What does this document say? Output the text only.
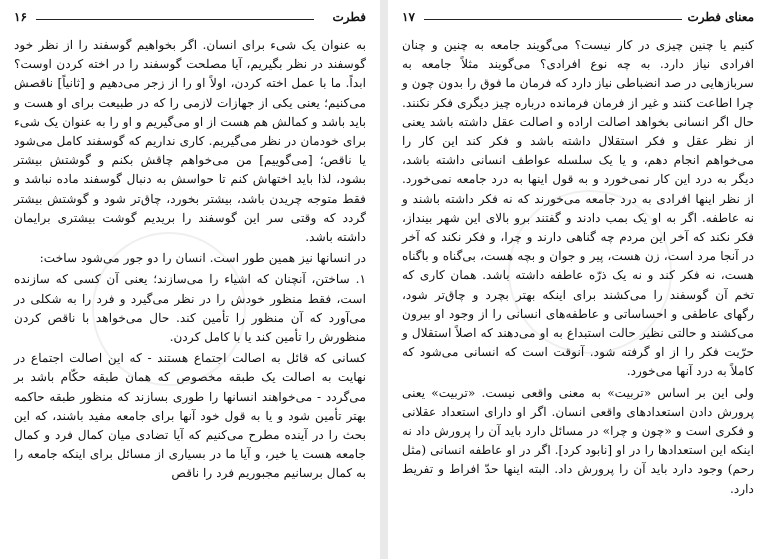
۱۶	فطرت

به عنوان یک شیء برای انسان. اگر بخواهیم گوسفند را از نظر خود گوسفند در نظر بگیریم، آیا مصلحت گوسفند را در اخته کردن اوست؟ ابداً. ما با عمل اخته کردن، اولاً او را از زجر می‌دهیم و [ثانیاً] ناقصش می‌کنیم؛ یعنی یکی از جهازات لازمی را که در طبیعت برای او هست و باید باشد و کمالش هم هست از او می‌گیریم و او را به عنوان یک شیء برای خودمان در نظر می‌گیریم. کاری نداریم که گوسفند کامل می‌شود یا ناقص؛ [می‌گوییم] من می‌خواهم چاقش بکنم و گوشتش بیشتر بشود، لذا باید اختهاش کنم تا حواسش به دنبال گوسفند ماده نباشد و فقط متوجه چریدن باشد، بیشتر بخورد، چاق‌تر شود و گوشتش بیشتر گردد که وقتی سر این گوسفند را بریدیم گوشت بیشتری برایمان داشته باشد.

در انسانها نیز همین طور است. انسان را دو جور می‌شود ساخت:

۱. ساختن، آنچنان که اشیاء را می‌سازند؛ یعنی آن کسی که سازنده است، فقط منظور خودش را در نظر می‌گیرد و فرد را به شکلی در می‌آورد که آن منظور را تأمین کند. حال می‌خواهد با ناقص کردن منظورش را تأمین کند یا با کامل کردن.

کسانی که قائل به اصالت اجتماع هستند - که این اصالت اجتماع در نهایت به اصالت یک طبقه مخصوص که همان طبقه حکّام باشد بر می‌گردد - می‌خواهند انسانها را طوری بسازند که منظور طبقه حاکمه بهتر تأمین شود و یا به قول خود آنها برای جامعه مفید باشند، که این بحث را در آینده مطرح می‌کنیم که آیا تضادی میان کمال فرد و کمال جامعه هست یا خیر، و آیا ما در بسیاری از مسائل برای اینکه جامعه را به کمال برسانیم مجبوریم فرد را ناقص

۱۷	معنای فطرت

کنیم یا چنین چیزی در کار نیست؟ می‌گویند جامعه به چنین و چنان افرادی نیاز دارد. به چه نوع افرادی؟ می‌گویند مثلاً جامعه به سربازهایی در صد انضباطی نیاز دارد که فرمان ما فوق را بدون چون و چرا اطاعت کنند و غیر از فرمان فرمانده درباره چیز دیگری فکر نکنند. حال اگر انسانی بخواهد اصالت اراده و اصالت عقل داشته باشد یعنی از نظر عقل و فکر استقلال داشته باشد و فکر کند این کار را می‌خواهم انجام دهم، و یا یک سلسله عواطف انسانی داشته باشد، دیگر به درد این کار نمی‌خورد و به قول اینها به درد جامعه نمی‌خورد. از نظر اینها افرادی به درد جامعه می‌خورند که نه فکر داشته باشند و نه عاطفه. اگر به او یک بمب دادند و گفتند برو بالای این شهر بینداز، فکر نکند که آخر این مردم چه گناهی دارند و چرا، و فکر نکند که آخر در آنجا مرد است، زن هست، پیر و جوان و بچه هست، بی‌گناه و باگناه هست، نه فکر کند و نه یک ذرّه عاطفه داشته باشد. همان کاری که تخم آن گوسفند را می‌کشند برای اینکه بهتر بچرد و چاق‌تر شود، رگهای عاطفی و احساساتی و عاطفه‌های انسانی را از وجود او بیرون می‌کشند و حالتی نظیر حالت استبداع به او می‌دهند که اصلاً استقلال و حرّیت فکر را از او گرفته شود. آنوقت است که انسانی می‌شود که کاملاً به درد آنها می‌خورد.

ولی این بر اساس «تربیت» به معنی واقعی نیست. «تربیت» یعنی پرورش دادن استعدادهای واقعی انسان. اگر او دارای استعداد عقلانی و فکری است و «چون و چرا» در مسائل دارد باید آن را پرورش داد نه اینکه این استعدادها را در او [نابود کرد]. اگر در او عاطفه انسانی (مثل رحم) وجود دارد باید آن را پرورش داد. البته اینها حدّ افراط و تفریط دارد.
